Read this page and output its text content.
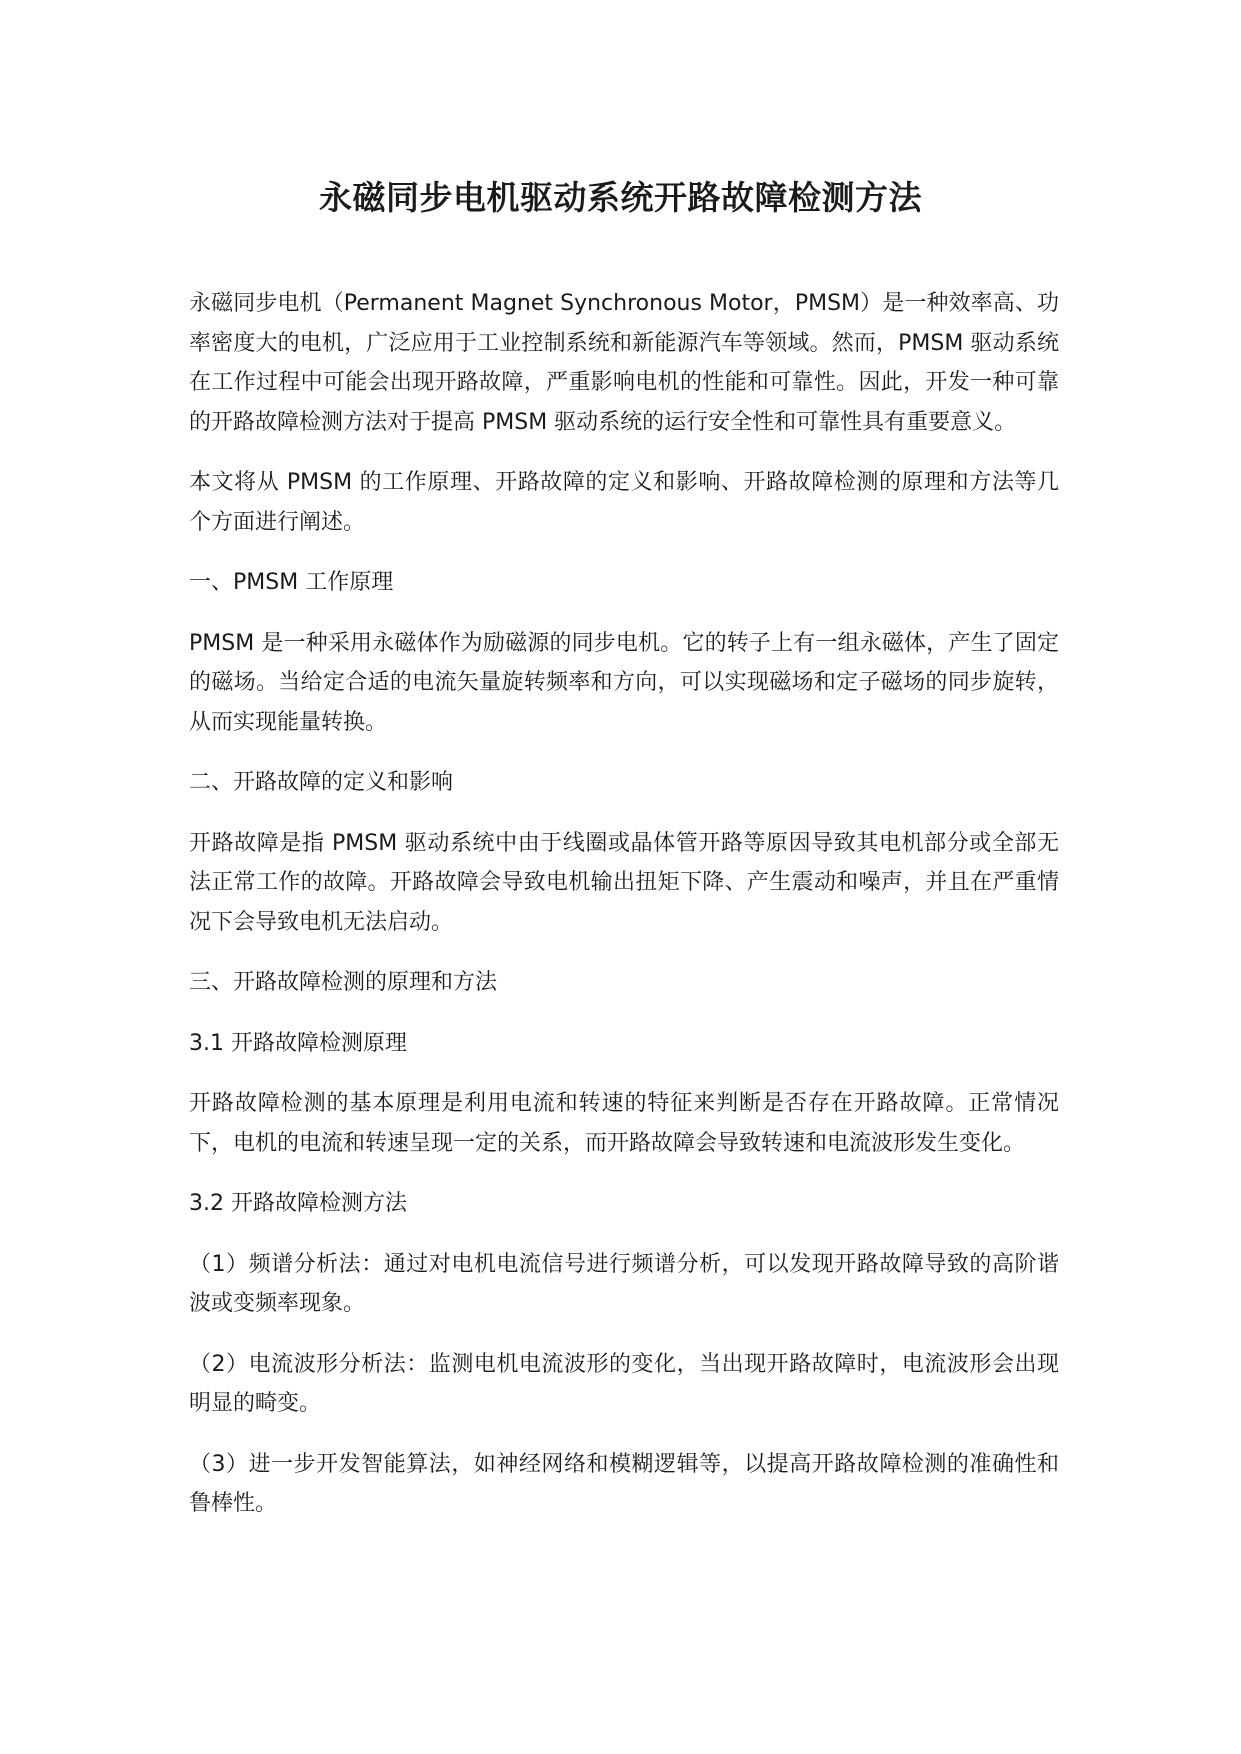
永磁同步电机驱动系统开路故障检测方法

永磁同步电机（Permanent Magnet Synchronous Motor，PMSM）是一种效率高、功率密度大的电机，广泛应用于工业控制系统和新能源汽车等领域。然而，PMSM 驱动系统在工作过程中可能会出现开路故障，严重影响电机的性能和可靠性。因此，开发一种可靠的开路故障检测方法对于提高 PMSM 驱动系统的运行安全性和可靠性具有重要意义。

本文将从 PMSM 的工作原理、开路故障的定义和影响、开路故障检测的原理和方法等几个方面进行阐述。

一、PMSM 工作原理

PMSM 是一种采用永磁体作为励磁源的同步电机。它的转子上有一组永磁体，产生了固定的磁场。当给定合适的电流矢量旋转频率和方向，可以实现磁场和定子磁场的同步旋转，从而实现能量转换。

二、开路故障的定义和影响

开路故障是指 PMSM 驱动系统中由于线圈或晶体管开路等原因导致其电机部分或全部无法正常工作的故障。开路故障会导致电机输出扭矩下降、产生震动和噪声，并且在严重情况下会导致电机无法启动。

三、开路故障检测的原理和方法

3.1 开路故障检测原理

开路故障检测的基本原理是利用电流和转速的特征来判断是否存在开路故障。正常情况下，电机的电流和转速呈现一定的关系，而开路故障会导致转速和电流波形发生变化。

3.2 开路故障检测方法

（1）频谱分析法：通过对电机电流信号进行频谱分析，可以发现开路故障导致的高阶谐波或变频率现象。

（2）电流波形分析法：监测电机电流波形的变化，当出现开路故障时，电流波形会出现明显的畸变。

（3）进一步开发智能算法，如神经网络和模糊逻辑等，以提高开路故障检测的准确性和鲁棒性。
